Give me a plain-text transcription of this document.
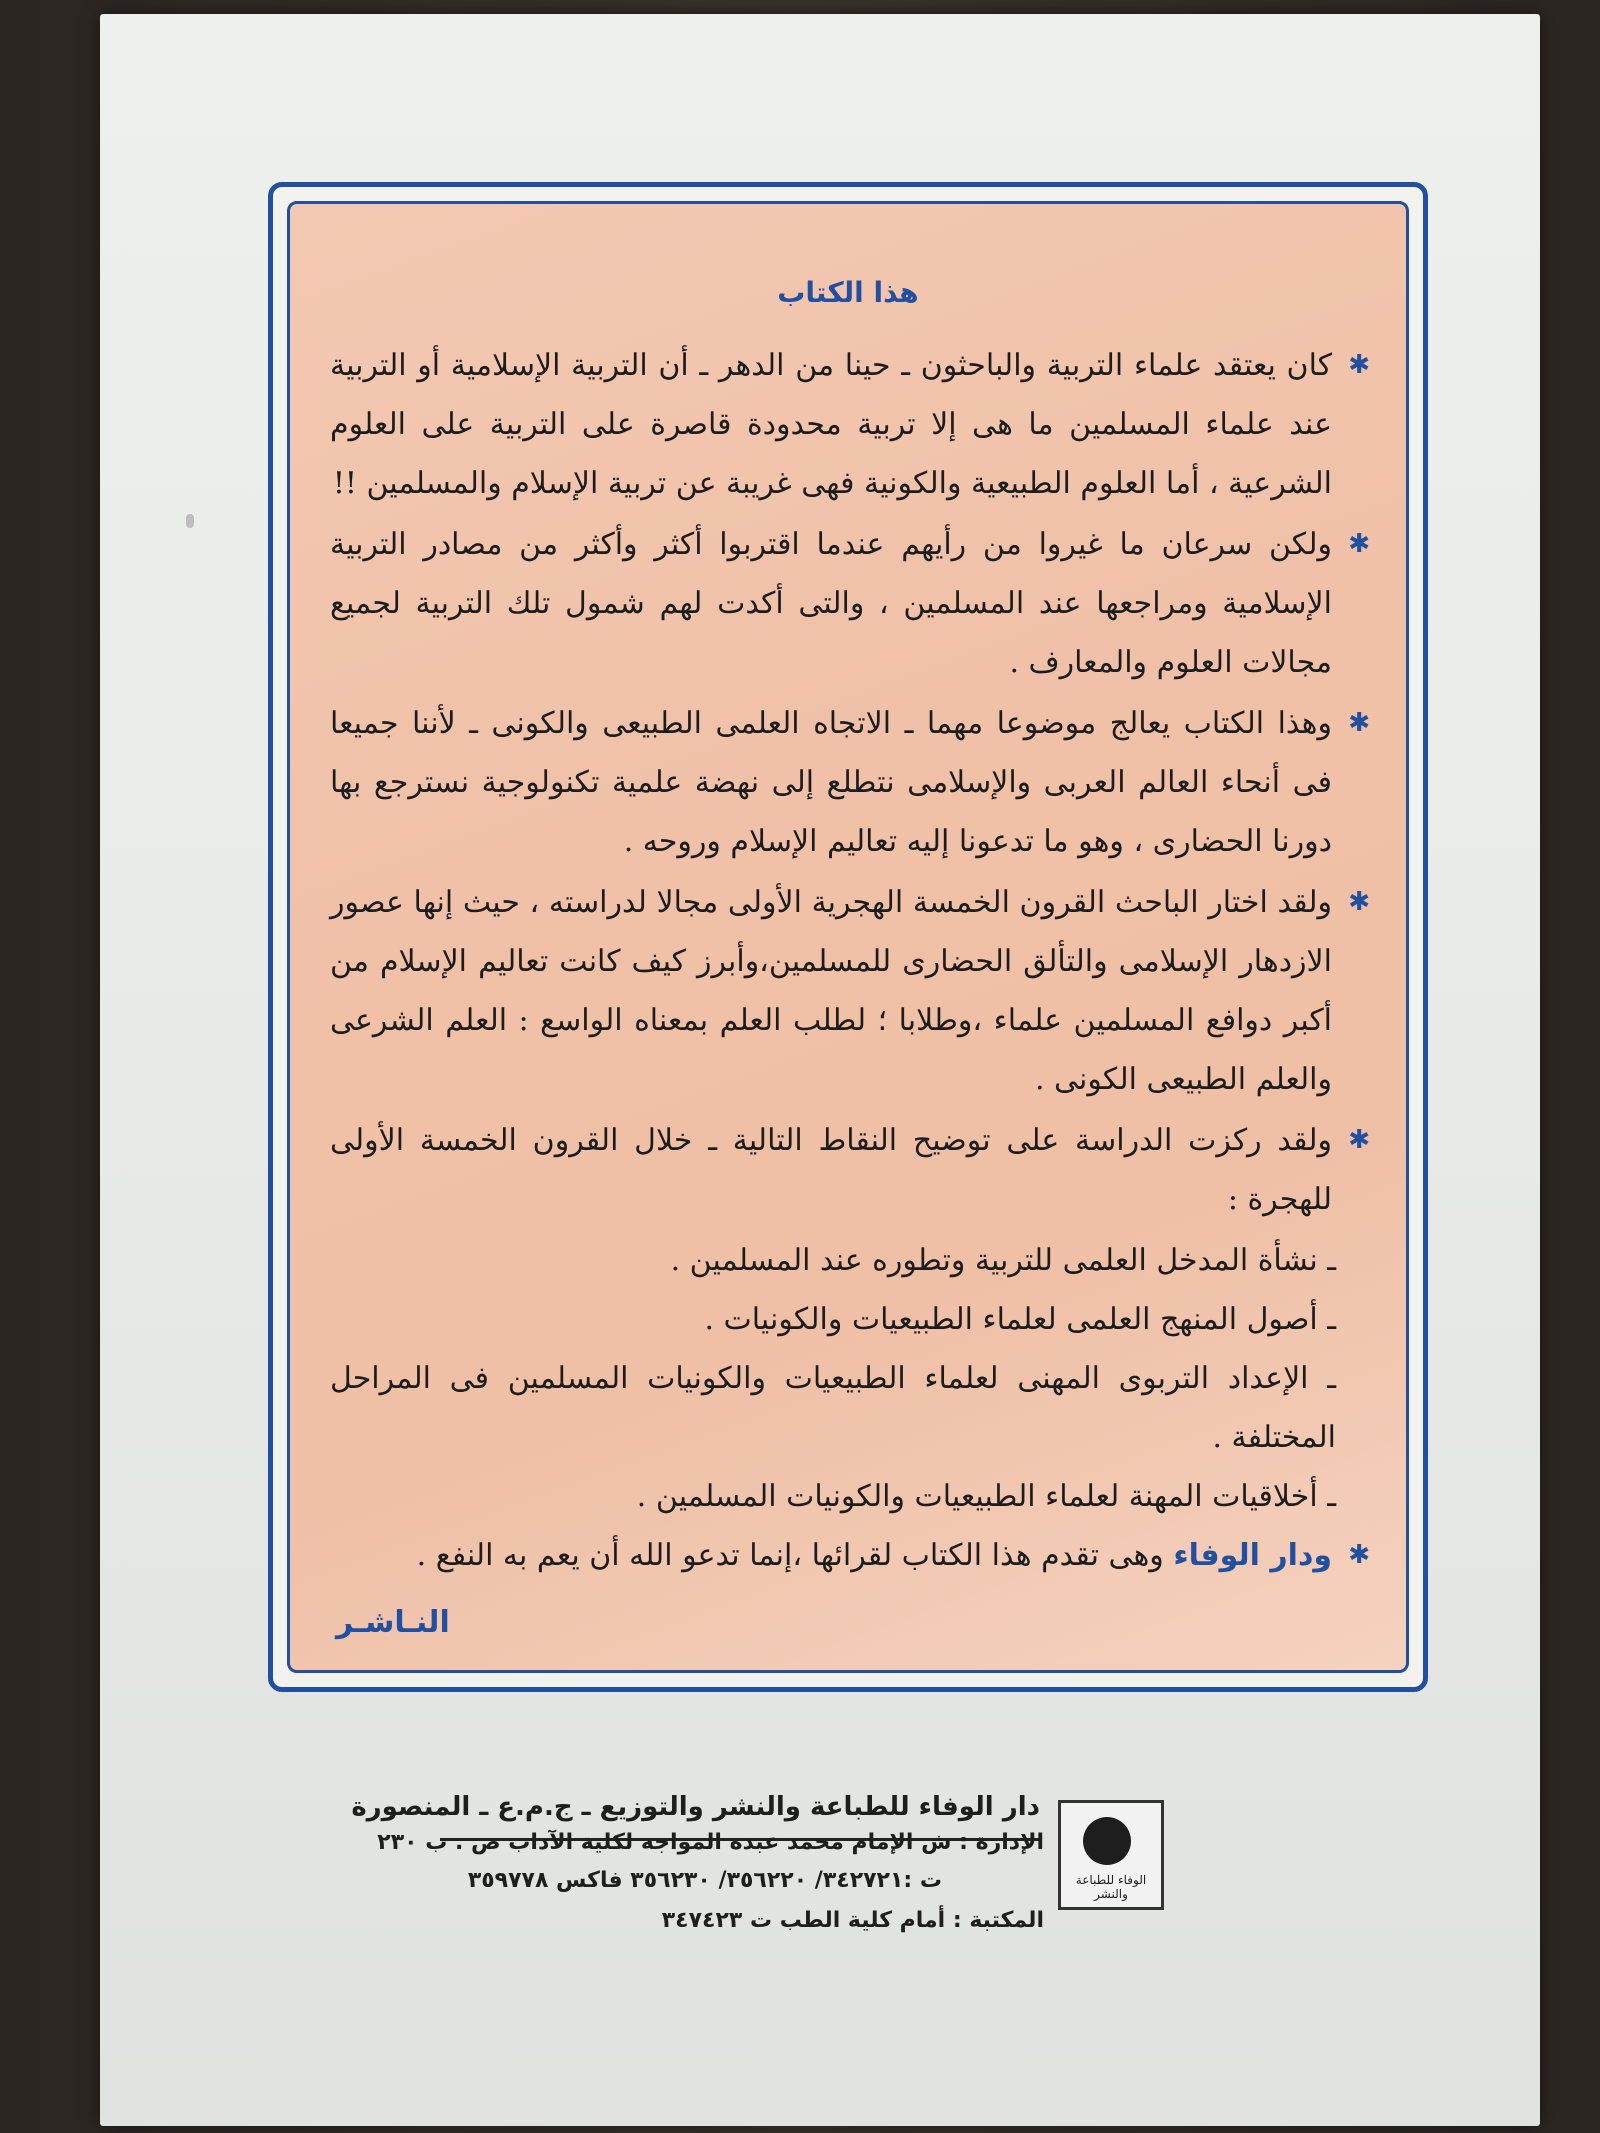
هذا الكتاب
✱
كان يعتقد علماء التربية والباحثون ـ حينا من الدهر ـ أن التربية الإسلامية أو التربية عند علماء المسلمين ما هى إلا تربية محدودة قاصرة على التربية على العلوم الشرعية ، أما العلوم الطبيعية والكونية فهى غريبة عن تربية الإسلام والمسلمين !!
✱
ولكن سرعان ما غيروا من رأيهم عندما اقتربوا أكثر وأكثر من مصادر التربية الإسلامية ومراجعها عند المسلمين ، والتى أكدت لهم شمول تلك التربية لجميع مجالات العلوم والمعارف .
✱
وهذا الكتاب يعالج موضوعا مهما ـ الاتجاه العلمى الطبيعى والكونى ـ لأننا جميعا فى أنحاء العالم العربى والإسلامى نتطلع إلى نهضة علمية تكنولوجية نسترجع بها دورنا الحضارى ، وهو ما تدعونا إليه تعاليم الإسلام وروحه .
✱
ولقد اختار الباحث القرون الخمسة الهجرية الأولى مجالا لدراسته ، حيث إنها عصور الازدهار الإسلامى والتألق الحضارى للمسلمين،وأبرز كيف كانت تعاليم الإسلام من أكبر دوافع المسلمين علماء ،وطلابا ؛ لطلب العلم بمعناه الواسع : العلم الشرعى والعلم الطبيعى الكونى .
✱
ولقد ركزت الدراسة على توضيح النقاط التالية ـ خلال القرون الخمسة الأولى للهجرة :
ـ نشأة المدخل العلمى للتربية وتطوره عند المسلمين .
ـ أصول المنهج العلمى لعلماء الطبيعيات والكونيات .
ـ الإعداد التربوى المهنى لعلماء الطبيعيات والكونيات المسلمين فى المراحل المختلفة .
ـ أخلاقيات المهنة لعلماء الطبيعيات والكونيات المسلمين .
✱
ودار الوفاء وهى تقدم هذا الكتاب لقرائها ،إنما تدعو الله أن يعم به النفع .
النـاشـر
الوفاء للطباعة والنشر
دار الوفاء للطباعة والنشر والتوزيع ـ ج.م.ع ـ المنصورة
الإدارة : ش الإمام محمد عبده المواجه لكلية الآداب ص . ب ٢٣٠
ت :٣٤٢٧٢١/ ٣٥٦٢٢٠/ ٣٥٦٢٣٠ فاكس ٣٥٩٧٧٨
المكتبة : أمام كلية الطب ت ٣٤٧٤٢٣
